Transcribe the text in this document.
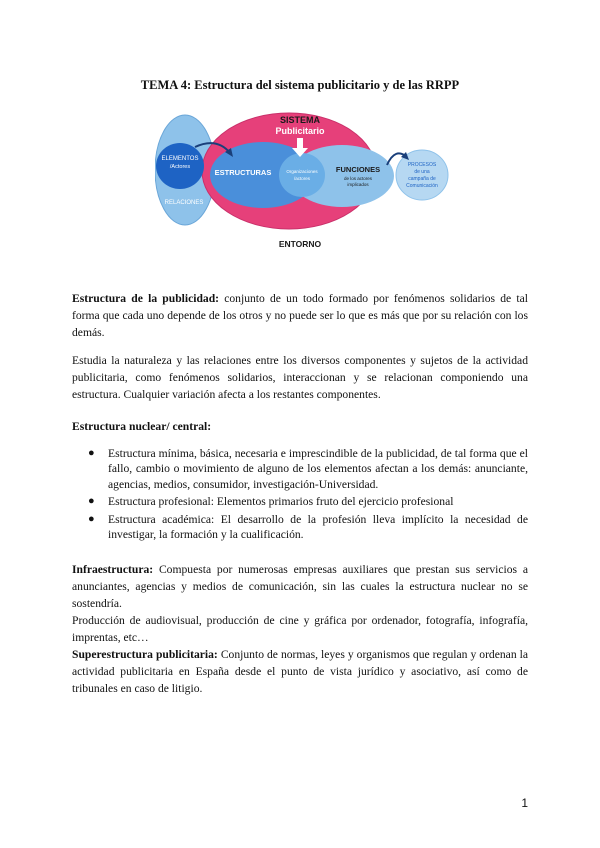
TEMA 4: Estructura del sistema publicitario y de las RRPP
SISTEMA
Publicitario
ELEMENTOS
/Actores
ESTRUCTURAS	Organizaciones
/actores
FUNCIONES
de los actores
implicados
RELACIONES
PROCESOS
de una
campaña de
Comunicación
ENTORNO

Estructura de la publicidad: conjunto de un todo formado por fenómenos solidarios de tal forma que cada uno depende de los otros y no puede ser lo que es más que por su relación con los demás.

Estudia la naturaleza y las relaciones entre los diversos componentes y sujetos de la actividad publicitaria, como fenómenos solidarios, interaccionan y se relacionan componiendo una estructura. Cualquier variación afecta a los restantes componentes.

Estructura nuclear/ central:

● Estructura mínima, básica, necesaria e imprescindible de la publicidad, de tal forma que el fallo, cambio o movimiento de alguno de los elementos afectan a los demás: anunciante, agencias, medios, consumidor, investigación-Universidad.
● Estructura profesional: Elementos primarios fruto del ejercicio profesional
● Estructura académica: El desarrollo de la profesión lleva implícito la necesidad de investigar, la formación y la cualificación.

Infraestructura: Compuesta por numerosas empresas auxiliares que prestan sus servicios a anunciantes, agencias y medios de comunicación, sin las cuales la estructura nuclear no se sostendría.

Producción de audiovisual, producción de cine y gráfica por ordenador, fotografía, infografía, imprentas, etc…

Superestructura publicitaria: Conjunto de normas, leyes y organismos que regulan y ordenan la actividad publicitaria en España desde el punto de vista jurídico y asociativo, así como de tribunales en caso de litigio.

1
